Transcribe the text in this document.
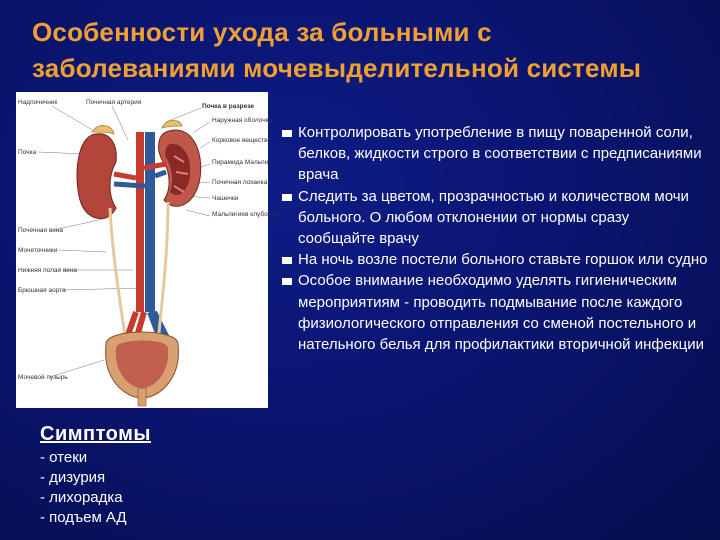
Особенности ухода за больными с
заболеваниями мочевыделительной системы
Надпочечник	Почечная артерия
Почка
Почечная вена
Мочеточники
Нижняя полая вена
Брюшная аорта
Мочевой пузырь
Почка в разрезе
Наружная оболочка
Корковое вещество
Пирамида Мальпиги
Почечная лоханка
Чашечки
Мальпигиев клубочек
Симптомы
- отеки
- дизурия
- лихорадка
- подъем АД
Контролировать употребление в пищу поваренной соли, белков, жидкости строго в соответствии с предписаниями врача
Следить за цветом, прозрачностью и количеством мочи больного. О любом отклонении от нормы сразу сообщайте врачу
На ночь возле постели больного ставьте горшок или судно
Особое внимание необходимо уделять гигиеническим мероприятиям - проводить подмывание после каждого физиологического отправления со сменой постельного и нательного белья для профилактики вторичной инфекции
